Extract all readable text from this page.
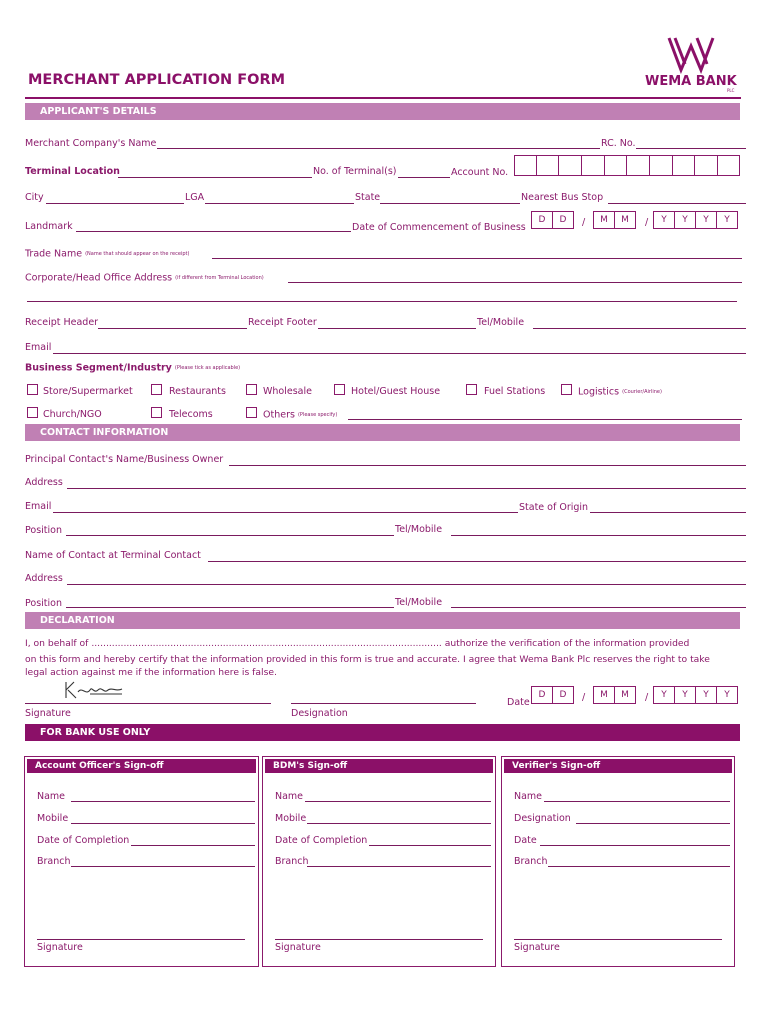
MERCHANT APPLICATION FORM	WEMA BANK
PLC
APPLICANT'S DETAILS
Merchant Company's Name	RC. No.
Terminal Location	No. of Terminal(s)	Account No.
City	LGA	State	Nearest Bus Stop
Landmark	Date of Commencement of Business
D	D	/	M	M	/	Y	Y	Y	Y
Trade Name (Name that should appear on the receipt)
Corporate/Head Office Address (if different from Terminal Location)
Receipt Header	Receipt Footer	Tel/Mobile
Email
Business Segment/Industry (Please tick as applicable)
Store/Supermarket	Restaurants	Wholesale	Hotel/Guest House	Fuel Stations	Logistics (Courier/Airline)
Church/NGO	Telecoms	Others (Please specify)
CONTACT INFORMATION
Principal Contact's Name/Business Owner
Address
Email	State of Origin
Position	Tel/Mobile
Name of Contact at Terminal Contact
Address
Position	Tel/Mobile
DECLARATION
I, on behalf of ........................................................................................................................ authorize the verification of the information provided
on this form and hereby certify that the information provided in this form is true and accurate. I agree that Wema Bank Plc reserves the right to take
legal action against me if the information here is false.
Date
D	D	/	M	M	/	Y	Y	Y	Y
Signature	Designation
FOR BANK USE ONLY
Account Officer's Sign-off
Name
Mobile
Date of Completion
Branch
Signature
BDM's Sign-off
Name
Mobile
Date of Completion
Branch
Signature
Verifier's Sign-off
Name
Designation
Date
Branch
Signature
